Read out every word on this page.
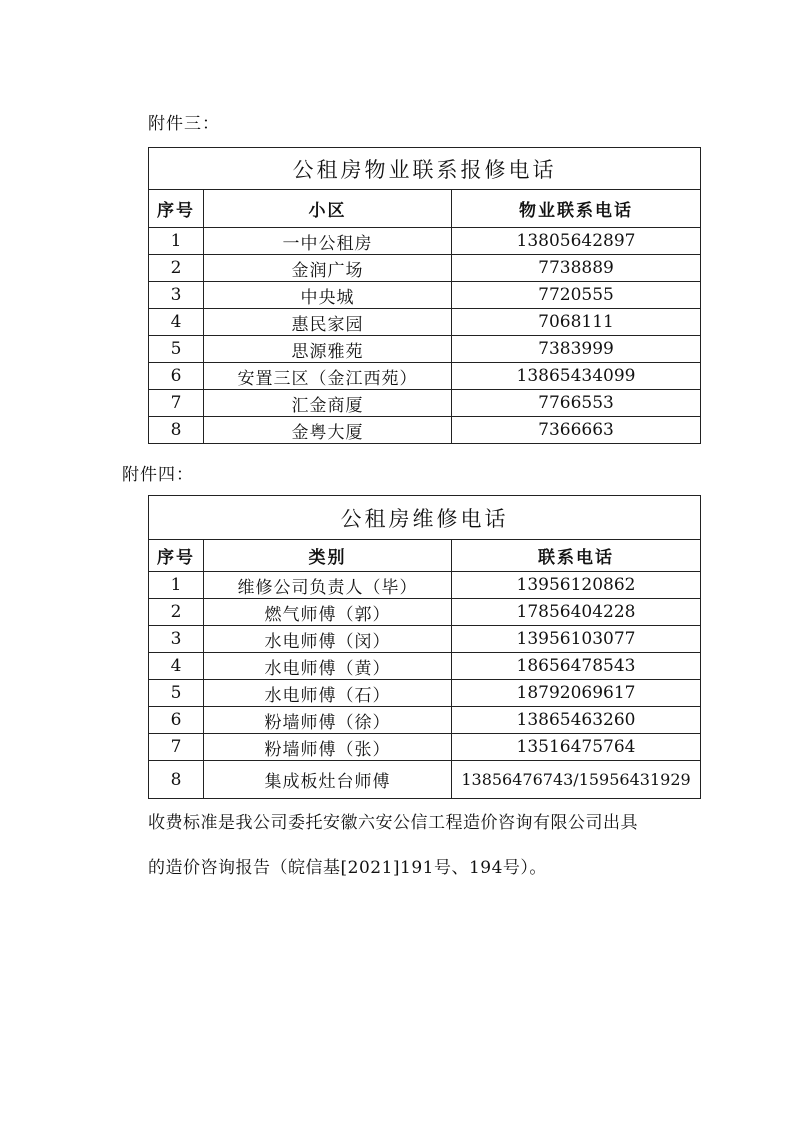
附件三：
公租房物业联系报修电话		
序号	小区	物业联系电话
1	一中公租房	13805642897
2	金润广场	7738889
3	中央城	7720555
4	惠民家园	7068111
5	思源雅苑	7383999
6	安置三区（金江西苑）	13865434099
7	汇金商厦	7766553
8	金粤大厦	7366663
附件四：
公租房维修电话		
序号	类别	联系电话
1	维修公司负责人（毕）	13956120862
2	燃气师傅（郭）	17856404228
3	水电师傅（闵）	13956103077
4	水电师傅（黄）	18656478543
5	水电师傅（石）	18792069617
6	粉墙师傅（徐）	13865463260
7	粉墙师傅（张）	13516475764
8	集成板灶台师傅	13856476743/15956431929
收费标准是我公司委托安徽六安公信工程造价咨询有限公司出具
的造价咨询报告（皖信基[2021]191号、194号）。
